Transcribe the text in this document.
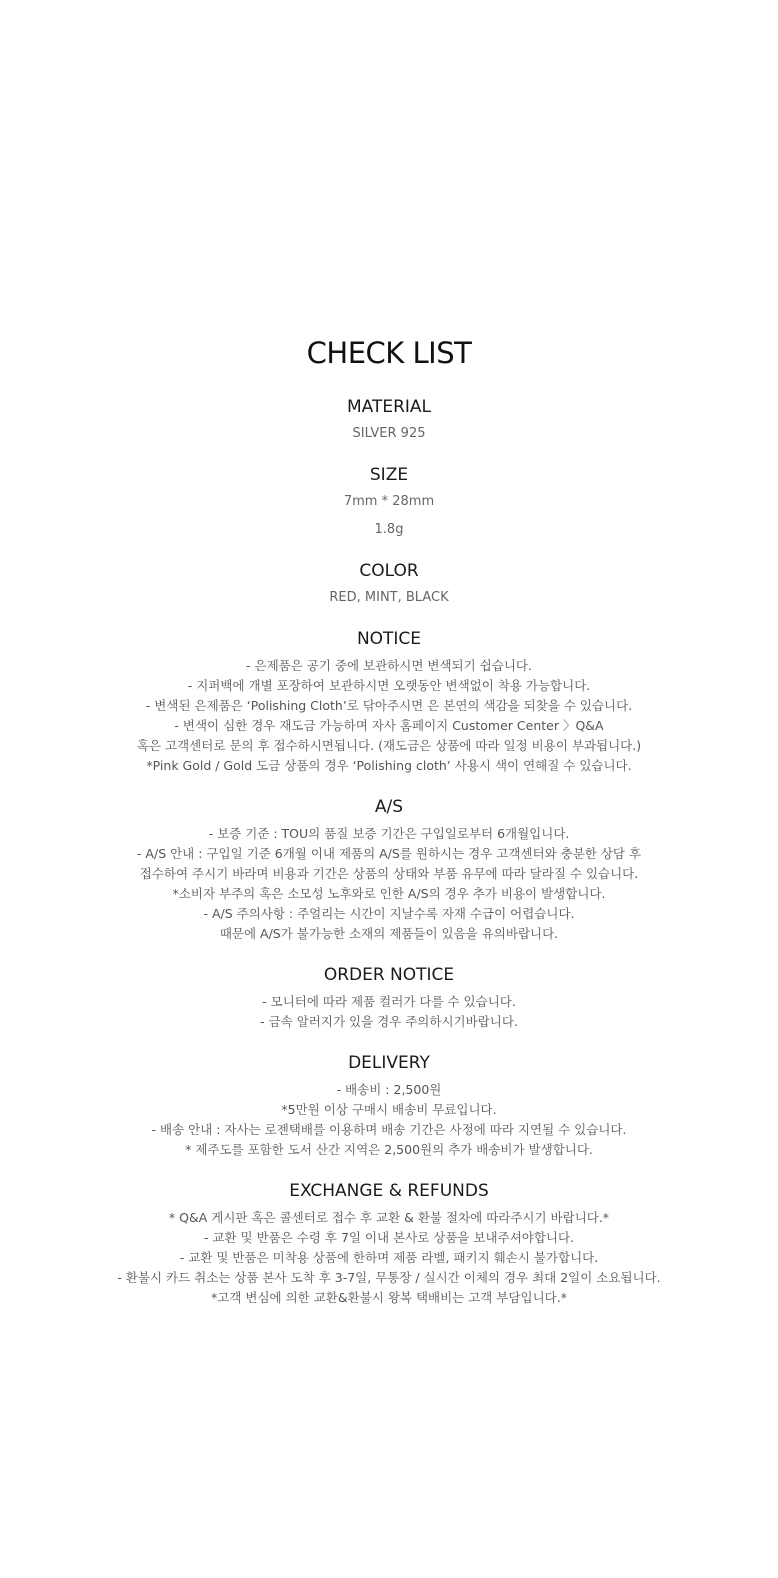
CHECK LIST
MATERIAL

SILVER 925

SIZE

7mm * 28mm

1.8g

COLOR

RED, MINT, BLACK

NOTICE

- 은제품은 공기 중에 보관하시면 변색되기 쉽습니다.

- 지퍼백에 개별 포장하여 보관하시면 오랫동안 변색없이 착용 가능합니다.

- 변색된 은제품은 ‘Polishing Cloth’로 닦아주시면 은 본연의 색감을 되찾을 수 있습니다.

- 변색이 심한 경우 재도금 가능하며 자사 홈페이지 Customer Center 〉Q&A

혹은 고객센터로 문의 후 접수하시면됩니다. (재도금은 상품에 따라 일정 비용이 부과됩니다.)

*Pink Gold / Gold 도금 상품의 경우 ‘Polishing cloth’ 사용시 색이 연해질 수 있습니다.

A/S

- 보증 기준 : TOU의 품질 보증 기간은 구입일로부터 6개월입니다.

- A/S 안내 : 구입일 기준 6개월 이내 제품의 A/S를 원하시는 경우 고객센터와 충분한 상담 후

접수하여 주시기 바라며 비용과 기간은 상품의 상태와 부품 유무에 따라 달라질 수 있습니다.

*소비자 부주의 혹은 소모성 노후와로 인한 A/S의 경우 추가 비용이 발생합니다.

- A/S 주의사항 : 주얼리는 시간이 지날수록 자재 수급이 어렵습니다.

때문에 A/S가 불가능한 소재의 제품들이 있음을 유의바랍니다.

ORDER NOTICE

- 모니터에 따라 제품 컬러가 다를 수 있습니다.

- 금속 알러지가 있을 경우 주의하시기바랍니다.

DELIVERY

- 배송비 : 2,500원

*5만원 이상 구매시 배송비 무료입니다.

- 배송 안내 : 자사는 로젠택배를 이용하며 배송 기간은 사정에 따라 지연될 수 있습니다.

* 제주도를 포함한 도서 산간 지역은 2,500원의 추가 배송비가 발생합니다.

EXCHANGE & REFUNDS

* Q&A 게시판 혹은 콜센터로 접수 후 교환 & 환불 절차에 따라주시기 바랍니다.*

- 교환 및 반품은 수령 후 7일 이내 본사로 상품을 보내주셔야합니다.

- 교환 및 반품은 미착용 상품에 한하며 제품 라벨, 패키지 훼손시 불가합니다.

- 환불시 카드 취소는 상품 본사 도착 후 3-7일, 무통장 / 실시간 이체의 경우 최대 2일이 소요됩니다.

*고객 변심에 의한 교환&환불시 왕복 택배비는 고객 부담입니다.*
